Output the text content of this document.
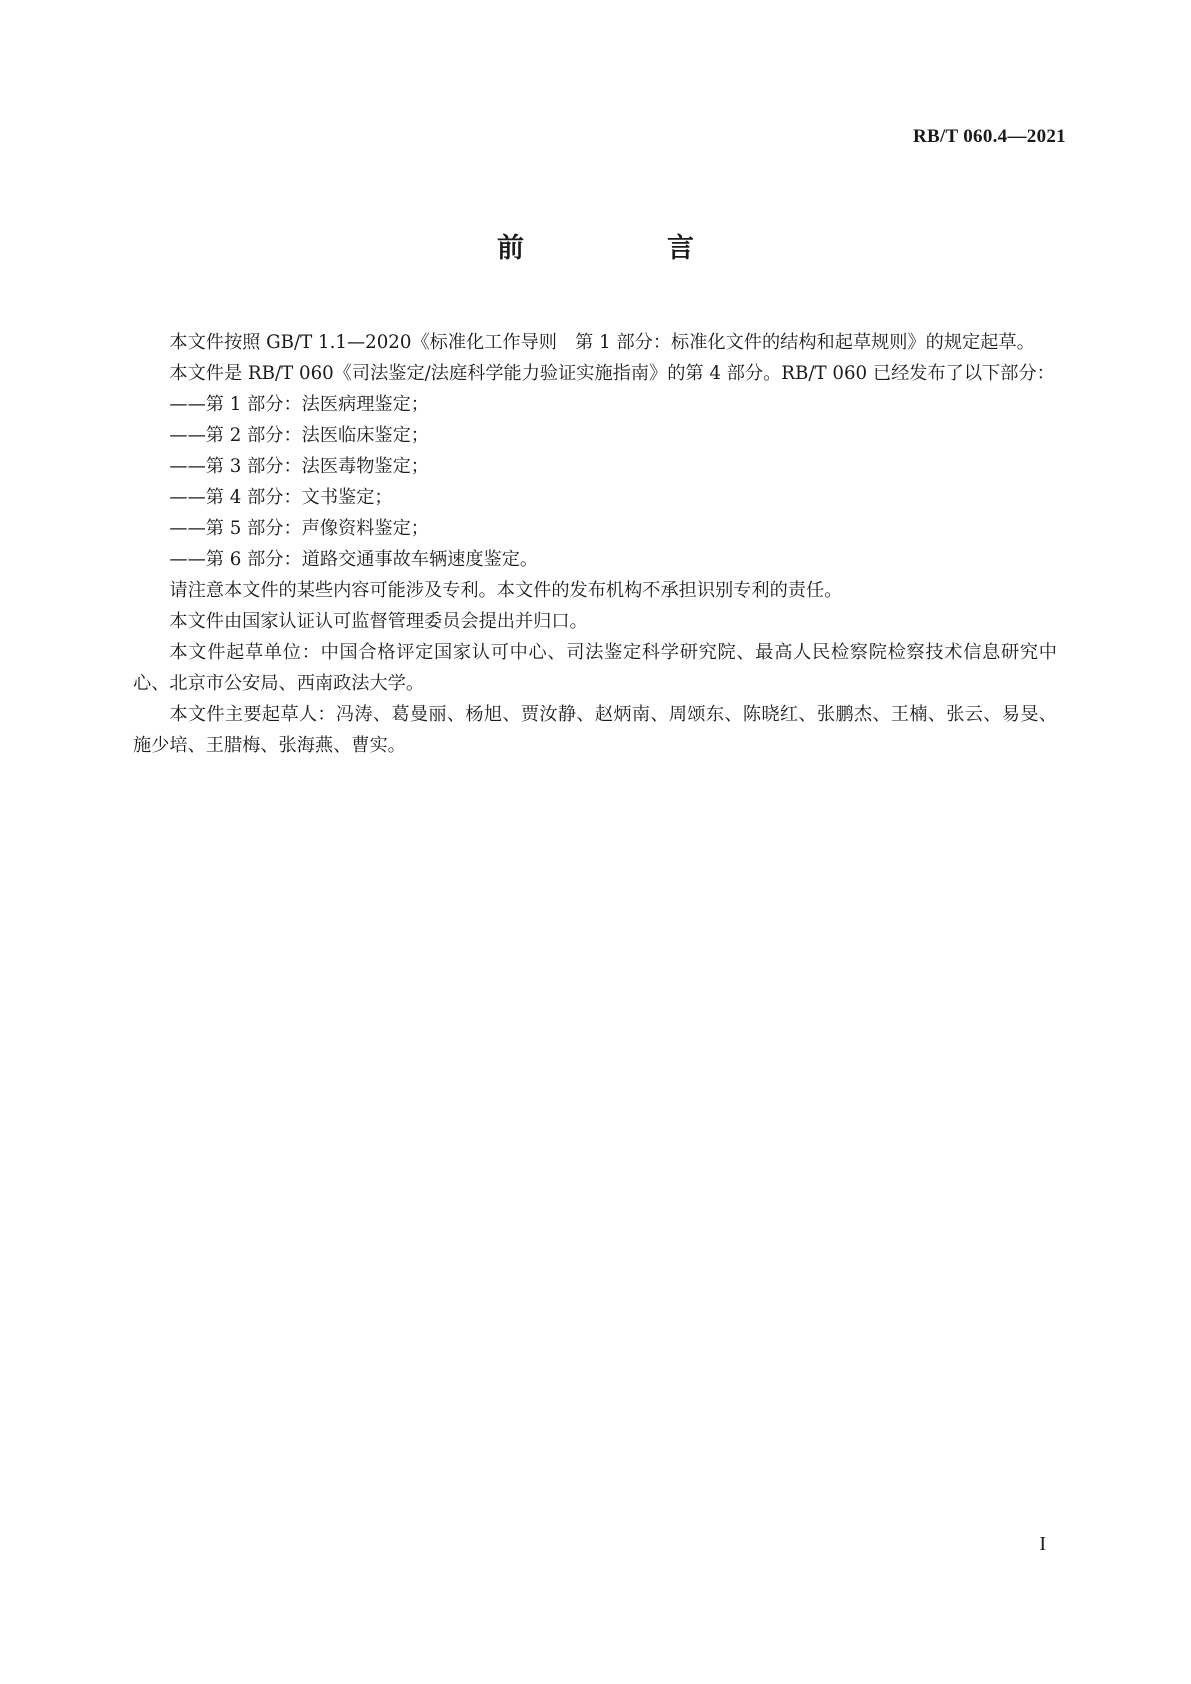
RB/T 060.4—2021
前　言

本文件按照 GB/T 1.1—2020《标准化工作导则　第 1 部分：标准化文件的结构和起草规则》的规定起草。

本文件是 RB/T 060《司法鉴定/法庭科学能力验证实施指南》的第 4 部分。RB/T 060 已经发布了以下部分：

——第 1 部分：法医病理鉴定；

——第 2 部分：法医临床鉴定；

——第 3 部分：法医毒物鉴定；

——第 4 部分：文书鉴定；

——第 5 部分：声像资料鉴定；

——第 6 部分：道路交通事故车辆速度鉴定。

请注意本文件的某些内容可能涉及专利。本文件的发布机构不承担识别专利的责任。

本文件由国家认证认可监督管理委员会提出并归口。

本文件起草单位：中国合格评定国家认可中心、司法鉴定科学研究院、最高人民检察院检察技术信息研究中心、北京市公安局、西南政法大学。

本文件主要起草人：冯涛、葛曼丽、杨旭、贾汝静、赵炳南、周颂东、陈晓红、张鹏杰、王楠、张云、易旻、施少培、王腊梅、张海燕、曹实。

I
